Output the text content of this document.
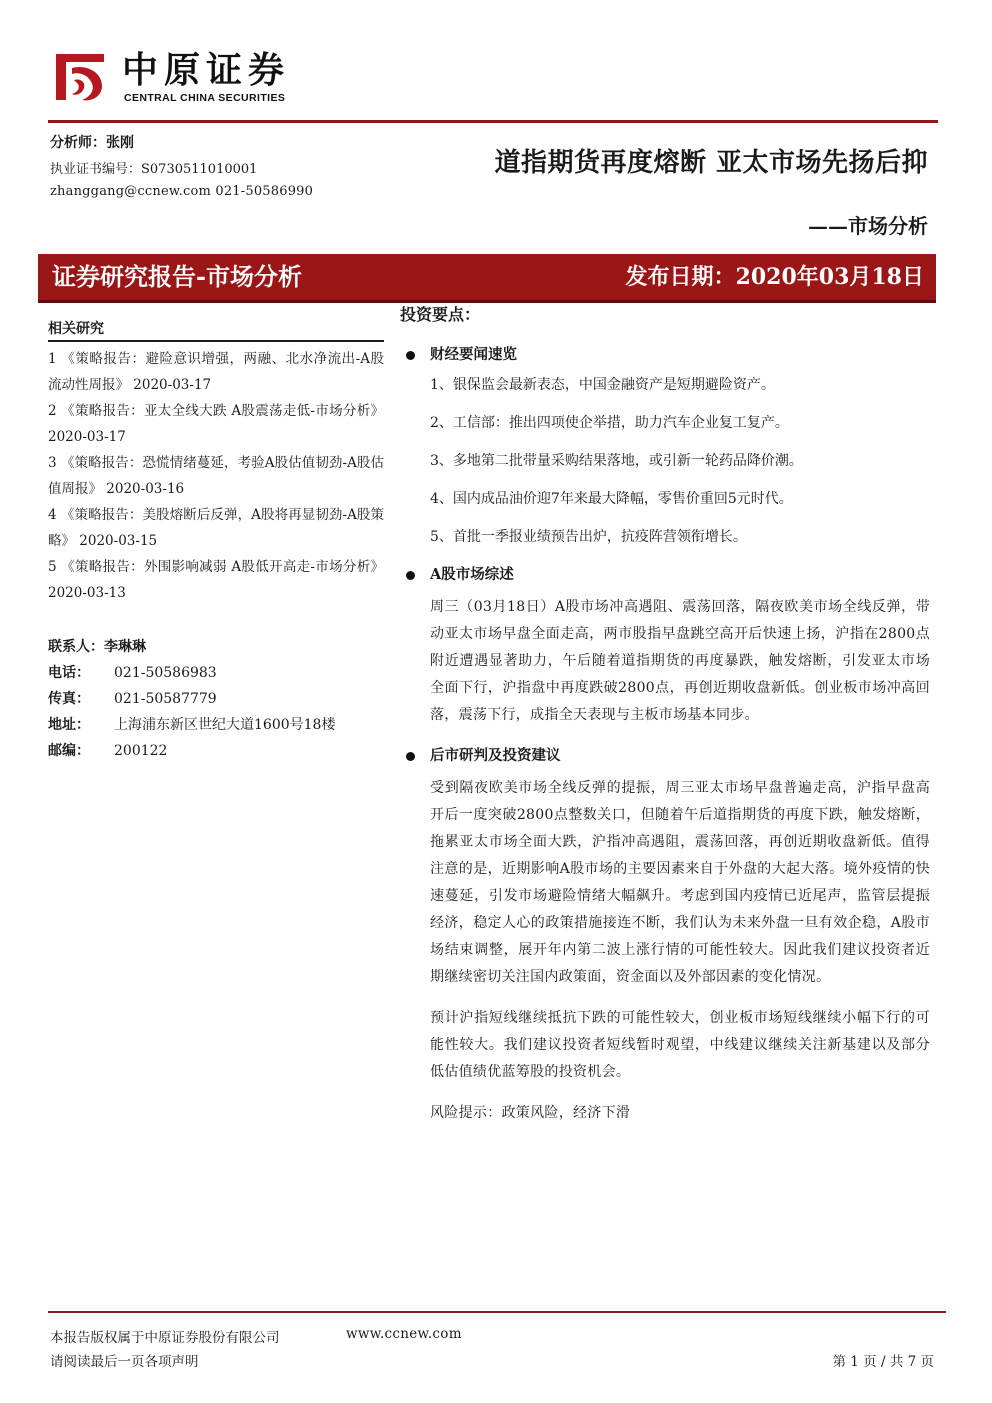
中原证券
CENTRAL CHINA SECURITIES
分析师：张刚
执业证书编号：S0730511010001
zhanggang@ccnew.com 021-50586990
道指期货再度熔断 亚太市场先扬后抑
——市场分析
证券研究报告-市场分析	发布日期：2020年03月18日
相关研究
1 《策略报告：避险意识增强，两融、北水净流出-A股流动性周报》 2020-03-17
2 《策略报告：亚太全线大跌 A股震荡走低-市场分析》 2020-03-17
3 《策略报告：恐慌情绪蔓延，考验A股估值韧劲-A股估值周报》 2020-03-16
4 《策略报告：美股熔断后反弹，A股将再显韧劲-A股策略》 2020-03-15
5 《策略报告：外围影响减弱 A股低开高走-市场分析》 2020-03-13
联系人：李琳琳
电话： 021-50586983
传真： 021-50587779
地址： 上海浦东新区世纪大道1600号18楼
邮编： 200122
投资要点：
财经要闻速览
1、银保监会最新表态，中国金融资产是短期避险资产。
2、工信部：推出四项使企举措，助力汽车企业复工复产。
3、多地第二批带量采购结果落地，或引新一轮药品降价潮。
4、国内成品油价迎7年来最大降幅，零售价重回5元时代。
5、首批一季报业绩预告出炉，抗疫阵营领衔增长。
A股市场综述
周三（03月18日）A股市场冲高遇阻、震荡回落，隔夜欧美市场全线反弹，带动亚太市场早盘全面走高，两市股指早盘跳空高开后快速上扬，沪指在2800点附近遭遇显著助力，午后随着道指期货的再度暴跌，触发熔断，引发亚太市场全面下行，沪指盘中再度跌破2800点，再创近期收盘新低。创业板市场冲高回落，震荡下行，成指全天表现与主板市场基本同步。
后市研判及投资建议
受到隔夜欧美市场全线反弹的提振，周三亚太市场早盘普遍走高，沪指早盘高开后一度突破2800点整数关口，但随着午后道指期货的再度下跌，触发熔断，拖累亚太市场全面大跌，沪指冲高遇阻，震荡回落，再创近期收盘新低。值得注意的是，近期影响A股市场的主要因素来自于外盘的大起大落。境外疫情的快速蔓延，引发市场避险情绪大幅飙升。考虑到国内疫情已近尾声，监管层提振经济，稳定人心的政策措施接连不断，我们认为未来外盘一旦有效企稳，A股市场结束调整，展开年内第二波上涨行情的可能性较大。因此我们建议投资者近期继续密切关注国内政策面，资金面以及外部因素的变化情况。
预计沪指短线继续抵抗下跌的可能性较大，创业板市场短线继续小幅下行的可能性较大。我们建议投资者短线暂时观望，中线建议继续关注新基建以及部分低估值绩优蓝筹股的投资机会。
风险提示：政策风险，经济下滑
本报告版权属于中原证券股份有限公司	www.ccnew.com
请阅读最后一页各项声明	第 1 页 / 共 7 页
